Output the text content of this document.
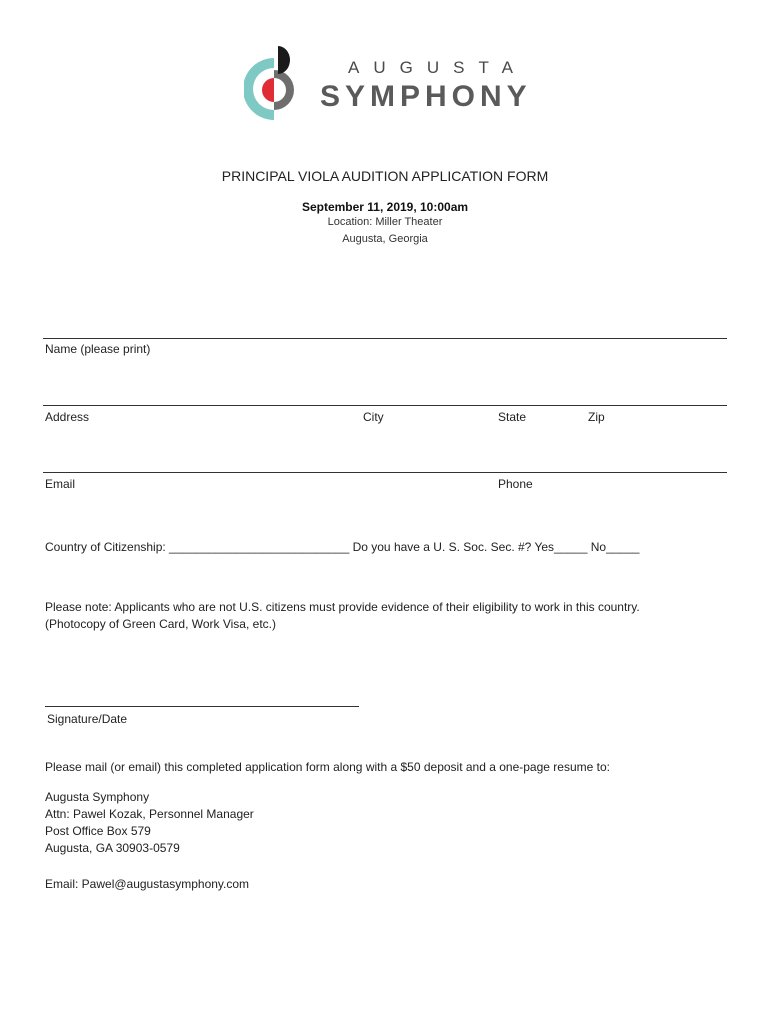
AUGUSTA
SYMPHONY
PRINCIPAL VIOLA AUDITION APPLICATION FORM
September 11, 2019, 10:00am
Location: Miller Theater
Augusta, Georgia
Name (please print)
Address	City	State	Zip
Email	Phone
Country of Citizenship: ___________________________ Do you have a U. S. Soc. Sec. #? Yes_____ No_____
Please note: Applicants who are not U.S. citizens must provide evidence of their eligibility to work in this country.
(Photocopy of Green Card, Work Visa, etc.)
Signature/Date
Please mail (or email) this completed application form along with a $50 deposit and a one-page resume to:
Augusta Symphony
Attn: Pawel Kozak, Personnel Manager
Post Office Box 579
Augusta, GA 30903-0579
Email: Pawel@augustasymphony.com
